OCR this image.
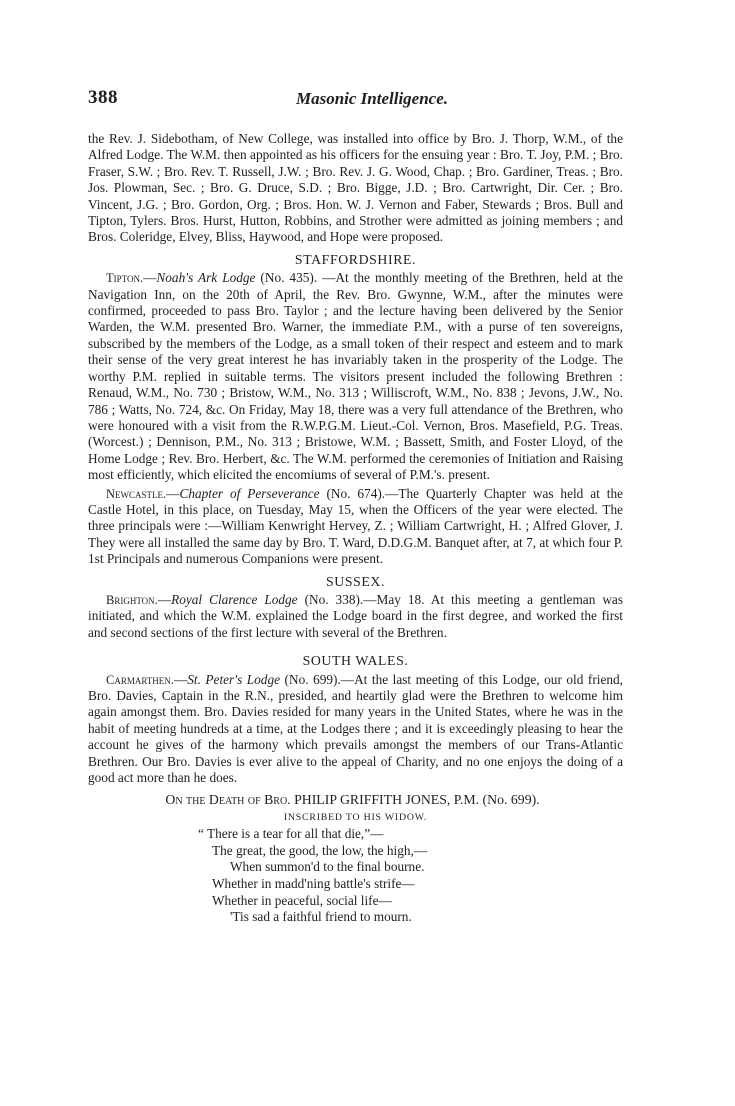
388	Masonic Intelligence.

the Rev. J. Sidebotham, of New College, was installed into office by Bro. J. Thorp, W.M., of the Alfred Lodge. The W.M. then appointed as his officers for the ensuing year : Bro. T. Joy, P.M. ; Bro. Fraser, S.W. ; Bro. Rev. T. Russell, J.W. ; Bro. Rev. J. G. Wood, Chap. ; Bro. Gardiner, Treas. ; Bro. Jos. Plowman, Sec. ; Bro. G. Druce, S.D. ; Bro. Bigge, J.D. ; Bro. Cartwright, Dir. Cer. ; Bro. Vincent, J.G. ; Bro. Gordon, Org. ; Bros. Hon. W. J. Vernon and Faber, Stewards ; Bros. Bull and Tipton, Tylers. Bros. Hurst, Hutton, Robbins, and Strother were admitted as joining members ; and Bros. Coleridge, Elvey, Bliss, Haywood, and Hope were proposed.

STAFFORDSHIRE.

Tipton.—Noah's Ark Lodge (No. 435). —At the monthly meeting of the Brethren, held at the Navigation Inn, on the 20th of April, the Rev. Bro. Gwynne, W.M., after the minutes were confirmed, proceeded to pass Bro. Taylor ; and the lecture having been delivered by the Senior Warden, the W.M. presented Bro. Warner, the immediate P.M., with a purse of ten sovereigns, subscribed by the members of the Lodge, as a small token of their respect and esteem and to mark their sense of the very great interest he has invariably taken in the prosperity of the Lodge. The worthy P.M. replied in suitable terms. The visitors present included the following Brethren : Renaud, W.M., No. 730 ; Bristow, W.M., No. 313 ; Williscroft, W.M., No. 838 ; Jevons, J.W., No. 786 ; Watts, No. 724, &c. On Friday, May 18, there was a very full attendance of the Brethren, who were honoured with a visit from the R.W.P.G.M. Lieut.-Col. Vernon, Bros. Masefield, P.G. Treas. (Worcest.) ; Dennison, P.M., No. 313 ; Bristowe, W.M. ; Bassett, Smith, and Foster Lloyd, of the Home Lodge ; Rev. Bro. Herbert, &c. The W.M. performed the ceremonies of Initiation and Raising most efficiently, which elicited the encomiums of several of P.M.'s. present.

Newcastle.—Chapter of Perseverance (No. 674).—The Quarterly Chapter was held at the Castle Hotel, in this place, on Tuesday, May 15, when the Officers of the year were elected. The three principals were :—William Kenwright Hervey, Z. ; William Cartwright, H. ; Alfred Glover, J. They were all installed the same day by Bro. T. Ward, D.D.G.M. Banquet after, at 7, at which four P. 1st Principals and numerous Companions were present.

SUSSEX.

Brighton.—Royal Clarence Lodge (No. 338).—May 18. At this meeting a gentleman was initiated, and which the W.M. explained the Lodge board in the first degree, and worked the first and second sections of the first lecture with several of the Brethren.

SOUTH WALES.

Carmarthen.—St. Peter's Lodge (No. 699).—At the last meeting of this Lodge, our old friend, Bro. Davies, Captain in the R.N., presided, and heartily glad were the Brethren to welcome him again amongst them. Bro. Davies resided for many years in the United States, where he was in the habit of meeting hundreds at a time, at the Lodges there ; and it is exceedingly pleasing to hear the account he gives of the harmony which prevails amongst the members of our Trans-Atlantic Brethren. Our Bro. Davies is ever alive to the appeal of Charity, and no one enjoys the doing of a good act more than he does.

On the Death of Bro. PHILIP GRIFFITH JONES, P.M. (No. 699).
INSCRIBED TO HIS WIDOW.
“ There is a tear for all that die,”—
The great, the good, the low, the high,—
When summon'd to the final bourne.
Whether in madd'ning battle's strife—
Whether in peaceful, social life—
'Tis sad a faithful friend to mourn.
